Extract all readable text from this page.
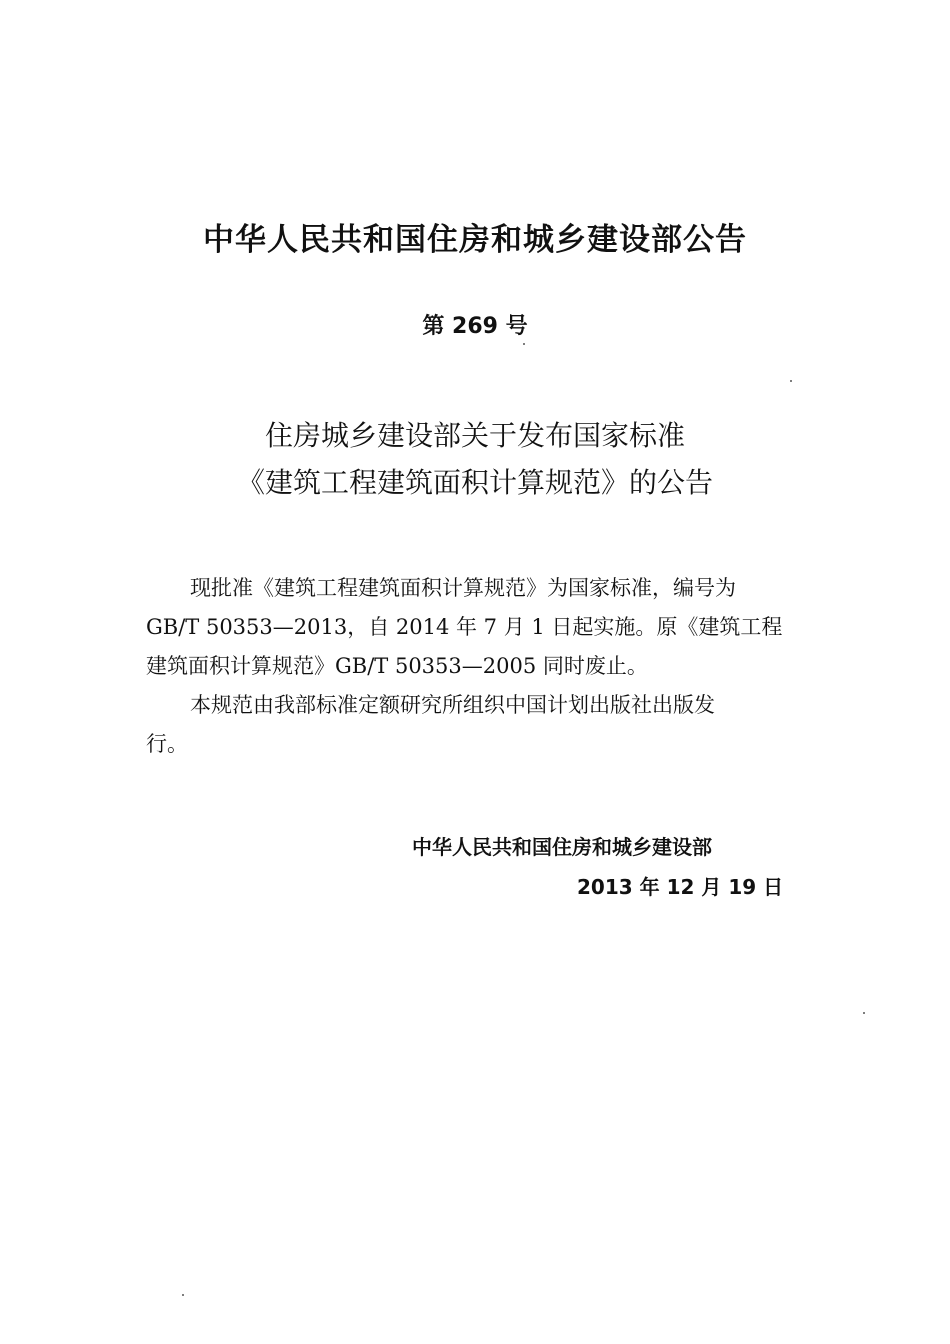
中华人民共和国住房和城乡建设部公告
第 269 号
住房城乡建设部关于发布国家标准
《建筑工程建筑面积计算规范》的公告
现批准《建筑工程建筑面积计算规范》为国家标准，编号为
GB/T 50353—2013，自 2014 年 7 月 1 日起实施。原《建筑工程
建筑面积计算规范》GB/T 50353—2005 同时废止。
本规范由我部标准定额研究所组织中国计划出版社出版发
行。
中华人民共和国住房和城乡建设部
2013 年 12 月 19 日
